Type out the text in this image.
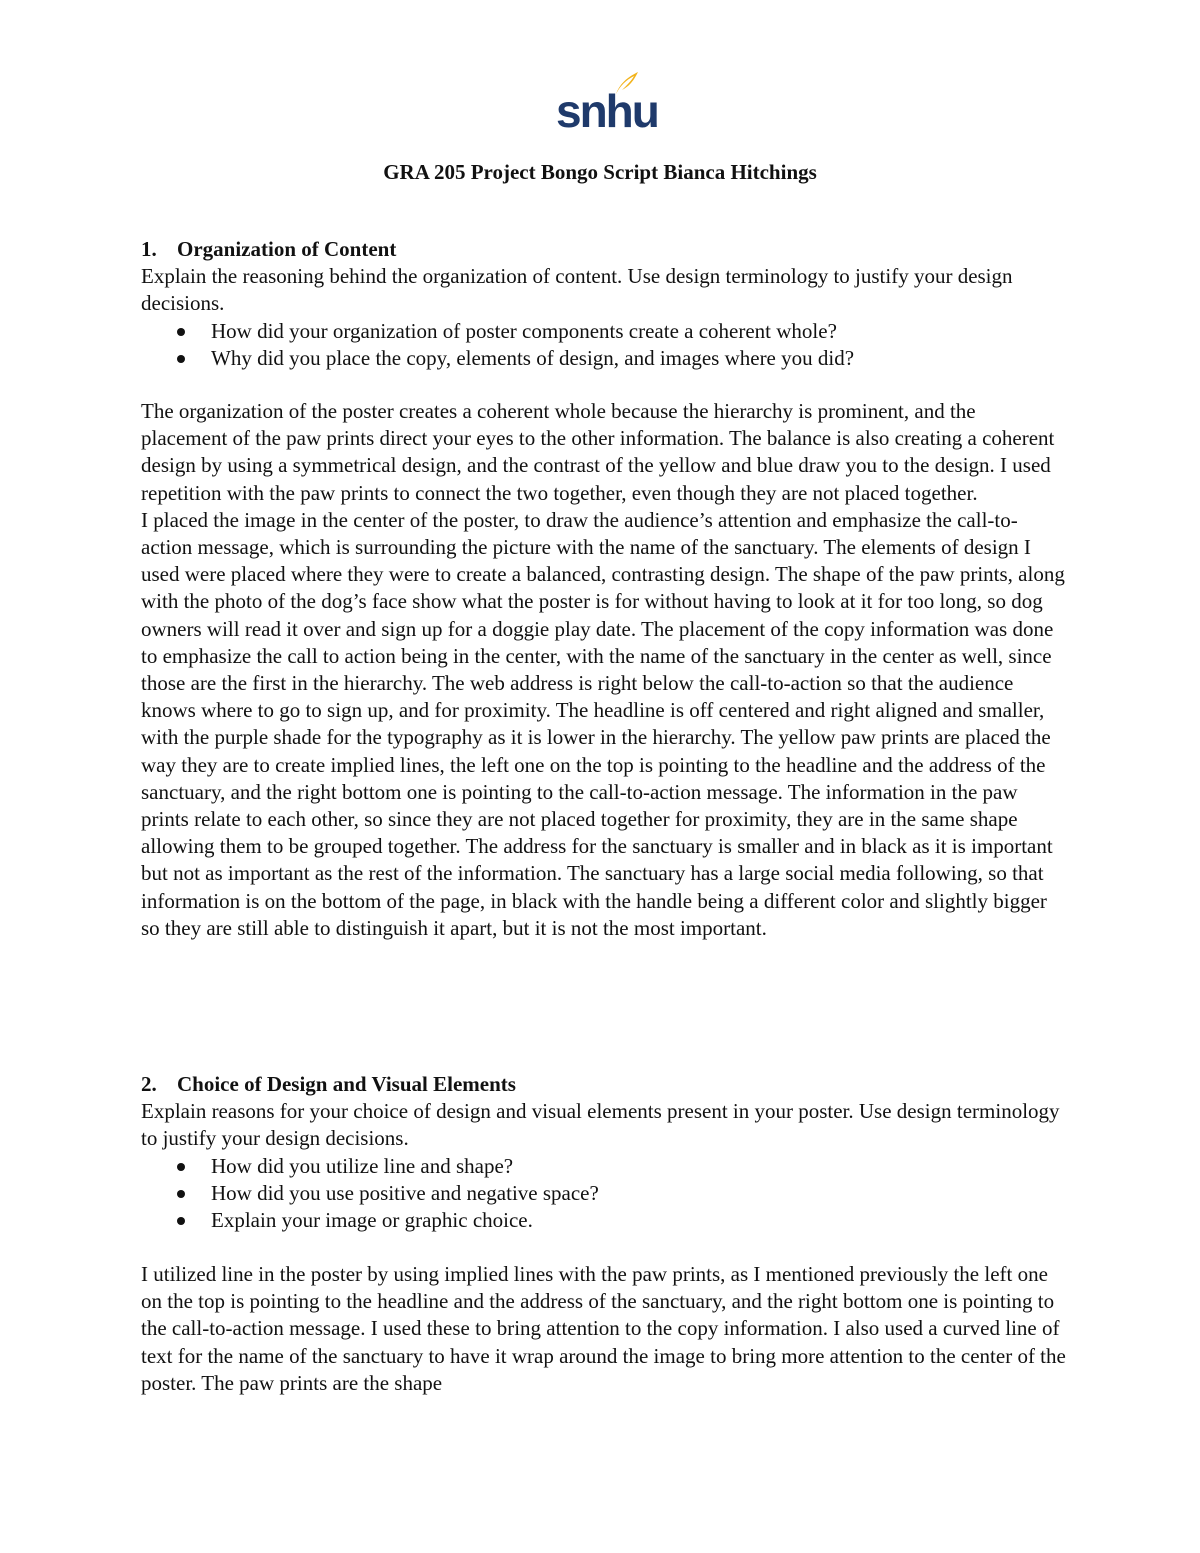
snhu
GRA 205 Project Bongo Script Bianca Hitchings
1. Organization of Content

Explain the reasoning behind the organization of content. Use design terminology to justify your design decisions.

How did your organization of poster components create a coherent whole?
Why did you place the copy, elements of design, and images where you did?

The organization of the poster creates a coherent whole because the hierarchy is prominent, and the placement of the paw prints direct your eyes to the other information. The balance is also creating a coherent design by using a symmetrical design, and the contrast of the yellow and blue draw you to the design. I used repetition with the paw prints to connect the two together, even though they are not placed together.

I placed the image in the center of the poster, to draw the audience’s attention and emphasize the call-to-action message, which is surrounding the picture with the name of the sanctuary. The elements of design I used were placed where they were to create a balanced, contrasting design. The shape of the paw prints, along with the photo of the dog’s face show what the poster is for without having to look at it for too long, so dog owners will read it over and sign up for a doggie play date. The placement of the copy information was done to emphasize the call to action being in the center, with the name of the sanctuary in the center as well, since those are the first in the hierarchy. The web address is right below the call-to-action so that the audience knows where to go to sign up, and for proximity. The headline is off centered and right aligned and smaller, with the purple shade for the typography as it is lower in the hierarchy. The yellow paw prints are placed the way they are to create implied lines, the left one on the top is pointing to the headline and the address of the sanctuary, and the right bottom one is pointing to the call-to-action message. The information in the paw prints relate to each other, so since they are not placed together for proximity, they are in the same shape allowing them to be grouped together. The address for the sanctuary is smaller and in black as it is important but not as important as the rest of the information. The sanctuary has a large social media following, so that information is on the bottom of the page, in black with the handle being a different color and slightly bigger so they are still able to distinguish it apart, but it is not the most important.

2. Choice of Design and Visual Elements

Explain reasons for your choice of design and visual elements present in your poster. Use design terminology to justify your design decisions.

How did you utilize line and shape?
How did you use positive and negative space?
Explain your image or graphic choice.

I utilized line in the poster by using implied lines with the paw prints, as I mentioned previously the left one on the top is pointing to the headline and the address of the sanctuary, and the right bottom one is pointing to the call-to-action message. I used these to bring attention to the copy information. I also used a curved line of text for the name of the sanctuary to have it wrap around the image to bring more attention to the center of the poster. The paw prints are the shape
